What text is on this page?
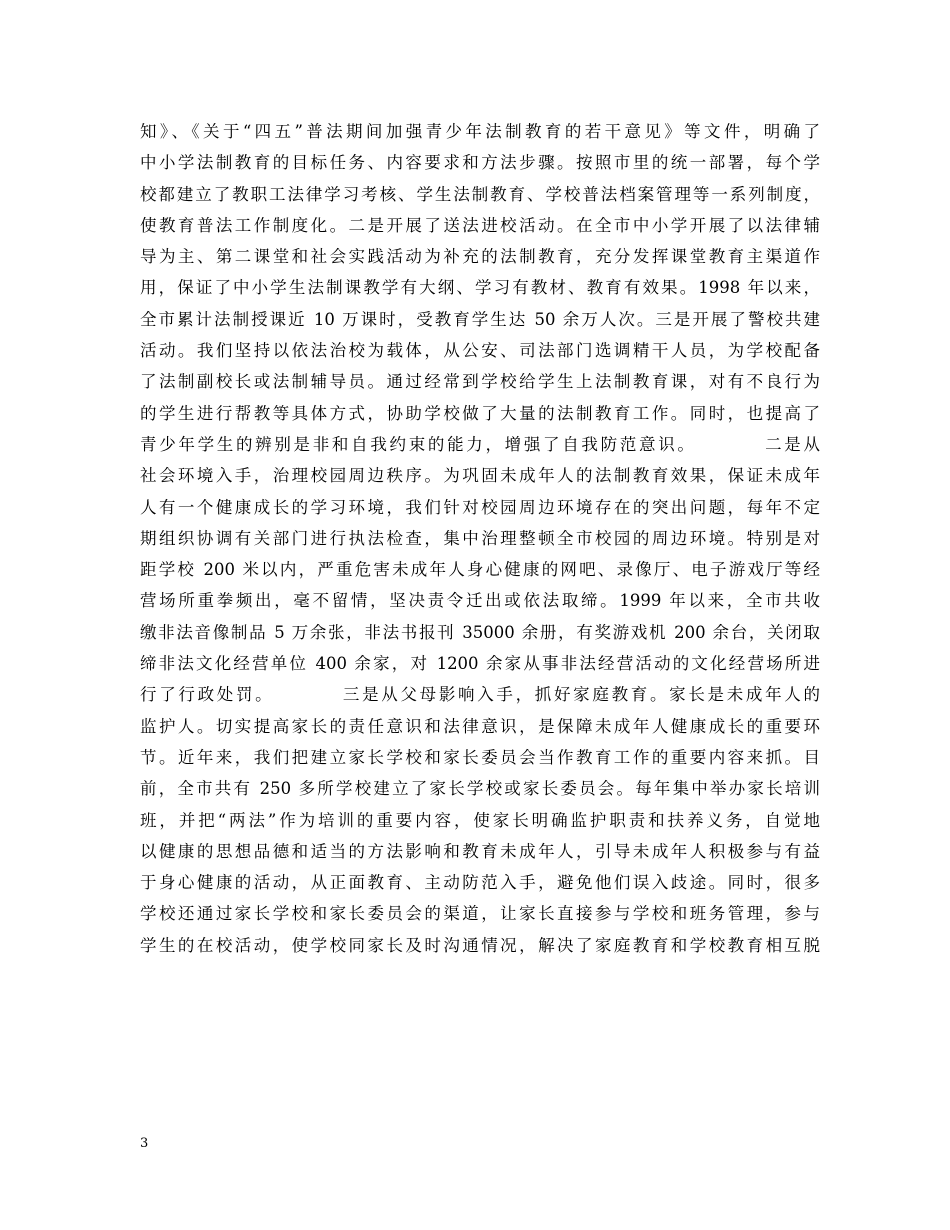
知》、《关于“四五”普法期间加强青少年法制教育的若干意见》等文件，明确了
中小学法制教育的目标任务、内容要求和方法步骤。按照市里的统一部署，每个学
校都建立了教职工法律学习考核、学生法制教育、学校普法档案管理等一系列制度，
使教育普法工作制度化。二是开展了送法进校活动。在全市中小学开展了以法律辅
导为主、第二课堂和社会实践活动为补充的法制教育，充分发挥课堂教育主渠道作
用，保证了中小学生法制课教学有大纲、学习有教材、教育有效果。1998 年以来，
全市累计法制授课近 10 万课时，受教育学生达 50 余万人次。三是开展了警校共建
活动。我们坚持以依法治校为载体，从公安、司法部门选调精干人员，为学校配备
了法制副校长或法制辅导员。通过经常到学校给学生上法制教育课，对有不良行为
的学生进行帮教等具体方式，协助学校做了大量的法制教育工作。同时，也提高了
青少年学生的辨别是非和自我约束的能力，增强了自我防范意识。　　　　二是从
社会环境入手，治理校园周边秩序。为巩固未成年人的法制教育效果，保证未成年
人有一个健康成长的学习环境，我们针对校园周边环境存在的突出问题，每年不定
期组织协调有关部门进行执法检查，集中治理整顿全市校园的周边环境。特别是对
距学校 200 米以内，严重危害未成年人身心健康的网吧、录像厅、电子游戏厅等经
营场所重拳频出，毫不留情，坚决责令迁出或依法取缔。1999 年以来，全市共收
缴非法音像制品 5 万余张，非法书报刊 35000 余册，有奖游戏机 200 余台，关闭取
缔非法文化经营单位 400 余家，对 1200 余家从事非法经营活动的文化经营场所进
行了行政处罚。　　　　三是从父母影响入手，抓好家庭教育。家长是未成年人的
监护人。切实提高家长的责任意识和法律意识，是保障未成年人健康成长的重要环
节。近年来，我们把建立家长学校和家长委员会当作教育工作的重要内容来抓。目
前，全市共有 250 多所学校建立了家长学校或家长委员会。每年集中举办家长培训
班，并把“两法”作为培训的重要内容，使家长明确监护职责和扶养义务，自觉地
以健康的思想品德和适当的方法影响和教育未成年人，引导未成年人积极参与有益
于身心健康的活动，从正面教育、主动防范入手，避免他们误入歧途。同时，很多
学校还通过家长学校和家长委员会的渠道，让家长直接参与学校和班务管理，参与
学生的在校活动，使学校同家长及时沟通情况，解决了家庭教育和学校教育相互脱
3
